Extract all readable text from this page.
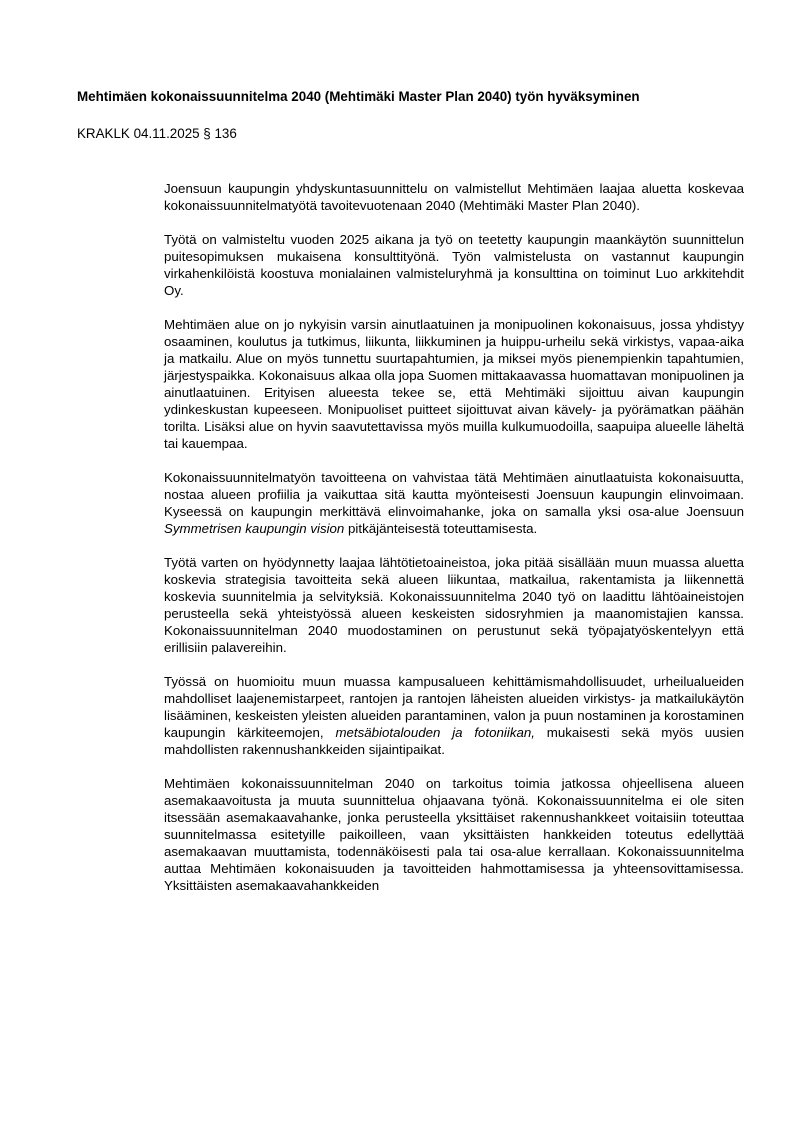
Mehtimäen kokonaissuunnitelma 2040 (Mehtimäki Master Plan 2040) työn hyväksyminen
KRAKLK 04.11.2025 § 136

Joensuun kaupungin yhdyskuntasuunnittelu on valmistellut Mehtimäen laajaa aluetta koskevaa kokonaissuunnitelmatyötä tavoitevuotenaan 2040 (Mehtimäki Master Plan 2040).

Työtä on valmisteltu vuoden 2025 aikana ja työ on teetetty kaupungin maankäytön suunnittelun puitesopimuksen mukaisena konsulttityönä. Työn valmistelusta on vastannut kaupungin virkahenkilöistä koostuva monialainen valmisteluryhmä ja konsulttina on toiminut Luo arkkitehdit Oy.

Mehtimäen alue on jo nykyisin varsin ainutlaatuinen ja monipuolinen kokonaisuus, jossa yhdistyy osaaminen, koulutus ja tutkimus, liikunta, liikkuminen ja huippu-urheilu sekä virkistys, vapaa-aika ja matkailu. Alue on myös tunnettu suurtapahtumien, ja miksei myös pienempienkin tapahtumien, järjestyspaikka. Kokonaisuus alkaa olla jopa Suomen mittakaavassa huomattavan monipuolinen ja ainutlaatuinen. Erityisen alueesta tekee se, että Mehtimäki sijoittuu aivan kaupungin ydinkeskustan kupeeseen. Monipuoliset puitteet sijoittuvat aivan kävely- ja pyörämatkan päähän torilta. Lisäksi alue on hyvin saavutettavissa myös muilla kulkumuodoilla, saapuipa alueelle läheltä tai kauempaa.

Kokonaissuunnitelmatyön tavoitteena on vahvistaa tätä Mehtimäen ainutlaatuista kokonaisuutta, nostaa alueen profiilia ja vaikuttaa sitä kautta myönteisesti Joensuun kaupungin elinvoimaan. Kyseessä on kaupungin merkittävä elinvoimahanke, joka on samalla yksi osa-alue Joensuun Symmetrisen kaupungin vision pitkäjänteisestä toteuttamisesta.

Työtä varten on hyödynnetty laajaa lähtötietoaineistoa, joka pitää sisällään muun muassa aluetta koskevia strategisia tavoitteita sekä alueen liikuntaa, matkailua, rakentamista ja liikennettä koskevia suunnitelmia ja selvityksiä. Kokonaissuunnitelma 2040 työ on laadittu lähtöaineistojen perusteella sekä yhteistyössä alueen keskeisten sidosryhmien ja maanomistajien kanssa. Kokonaissuunnitelman 2040 muodostaminen on perustunut sekä työpajatyöskentelyyn että erillisiin palavereihin.

Työssä on huomioitu muun muassa kampusalueen kehittämismahdollisuudet, urheilualueiden mahdolliset laajenemistarpeet, rantojen ja rantojen läheisten alueiden virkistys- ja matkailukäytön lisääminen, keskeisten yleisten alueiden parantaminen, valon ja puun nostaminen ja korostaminen kaupungin kärkiteemojen, metsäbiotalouden ja fotoniikan, mukaisesti sekä myös uusien mahdollisten rakennushankkeiden sijaintipaikat.

Mehtimäen kokonaissuunnitelman 2040 on tarkoitus toimia jatkossa ohjeellisena alueen asemakaavoitusta ja muuta suunnittelua ohjaavana työnä. Kokonaissuunnitelma ei ole siten itsessään asemakaavahanke, jonka perusteella yksittäiset rakennushankkeet voitaisiin toteuttaa suunnitelmassa esitetyille paikoilleen, vaan yksittäisten hankkeiden toteutus edellyttää asemakaavan muuttamista, todennäköisesti pala tai osa-alue kerrallaan. Kokonaissuunnitelma auttaa Mehtimäen kokonaisuuden ja tavoitteiden hahmottamisessa ja yhteensovittamisessa. Yksittäisten asemakaavahankkeiden
